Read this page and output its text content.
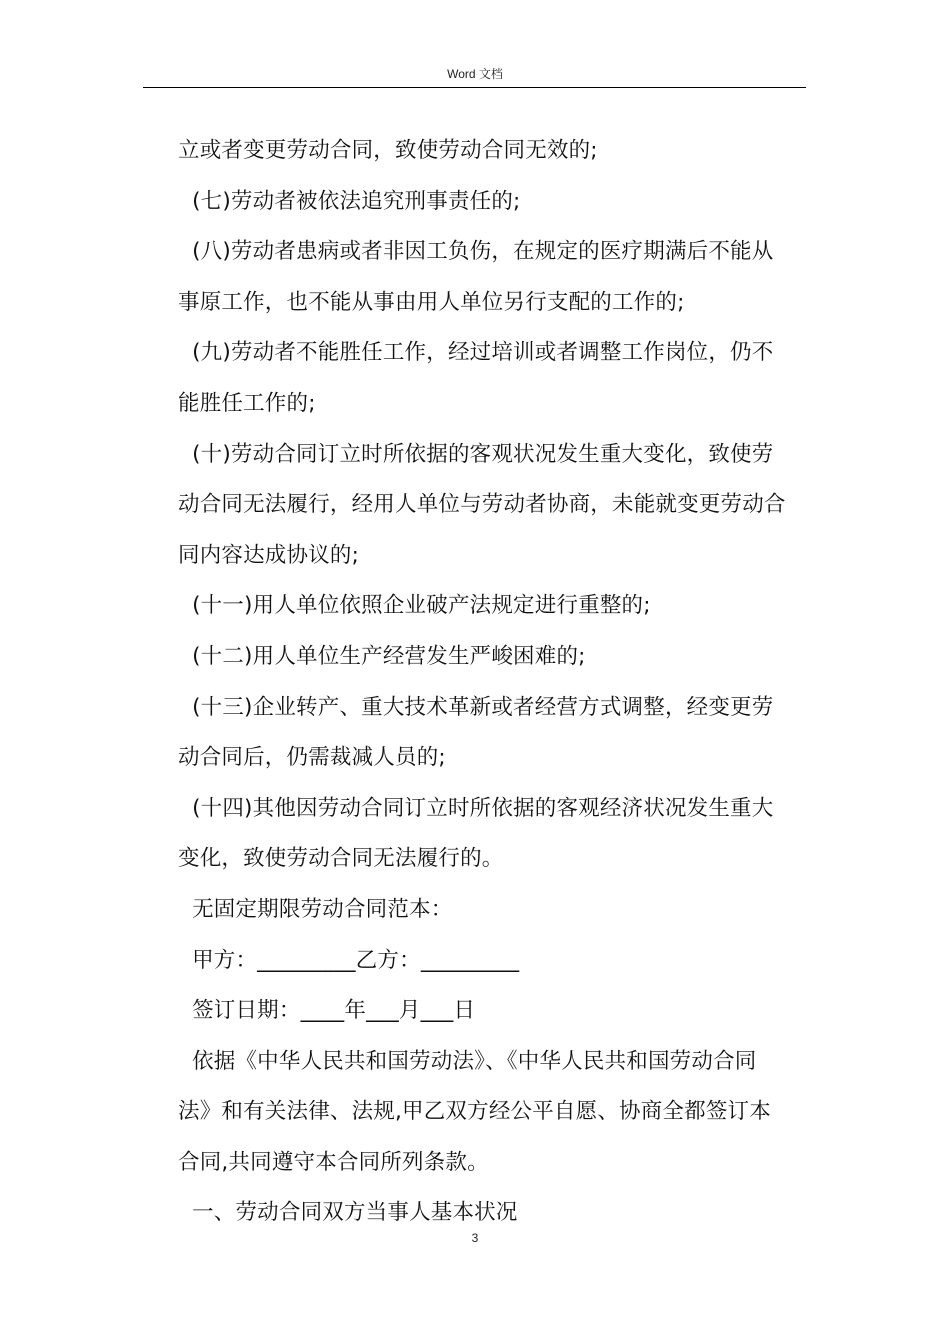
Word 文档

立或者变更劳动合同，致使劳动合同无效的;

(七)劳动者被依法追究刑事责任的;

(八)劳动者患病或者非因工负伤，在规定的医疗期满后不能从

事原工作，也不能从事由用人单位另行支配的工作的;

(九)劳动者不能胜任工作，经过培训或者调整工作岗位，仍不

能胜任工作的;

(十)劳动合同订立时所依据的客观状况发生重大变化，致使劳

动合同无法履行，经用人单位与劳动者协商，未能就变更劳动合

同内容达成协议的;

(十一)用人单位依照企业破产法规定进行重整的;

(十二)用人单位生产经营发生严峻困难的;

(十三)企业转产、重大技术革新或者经营方式调整，经变更劳

动合同后，仍需裁减人员的;

(十四)其他因劳动合同订立时所依据的客观经济状况发生重大

变化，致使劳动合同无法履行的。

无固定期限劳动合同范本：

甲方：_________乙方：_________

签订日期：____年___月___日

依据《中华人民共和国劳动法》、《中华人民共和国劳动合同

法》和有关法律、法规,甲乙双方经公平自愿、协商全都签订本

合同,共同遵守本合同所列条款。

一、劳动合同双方当事人基本状况

3
